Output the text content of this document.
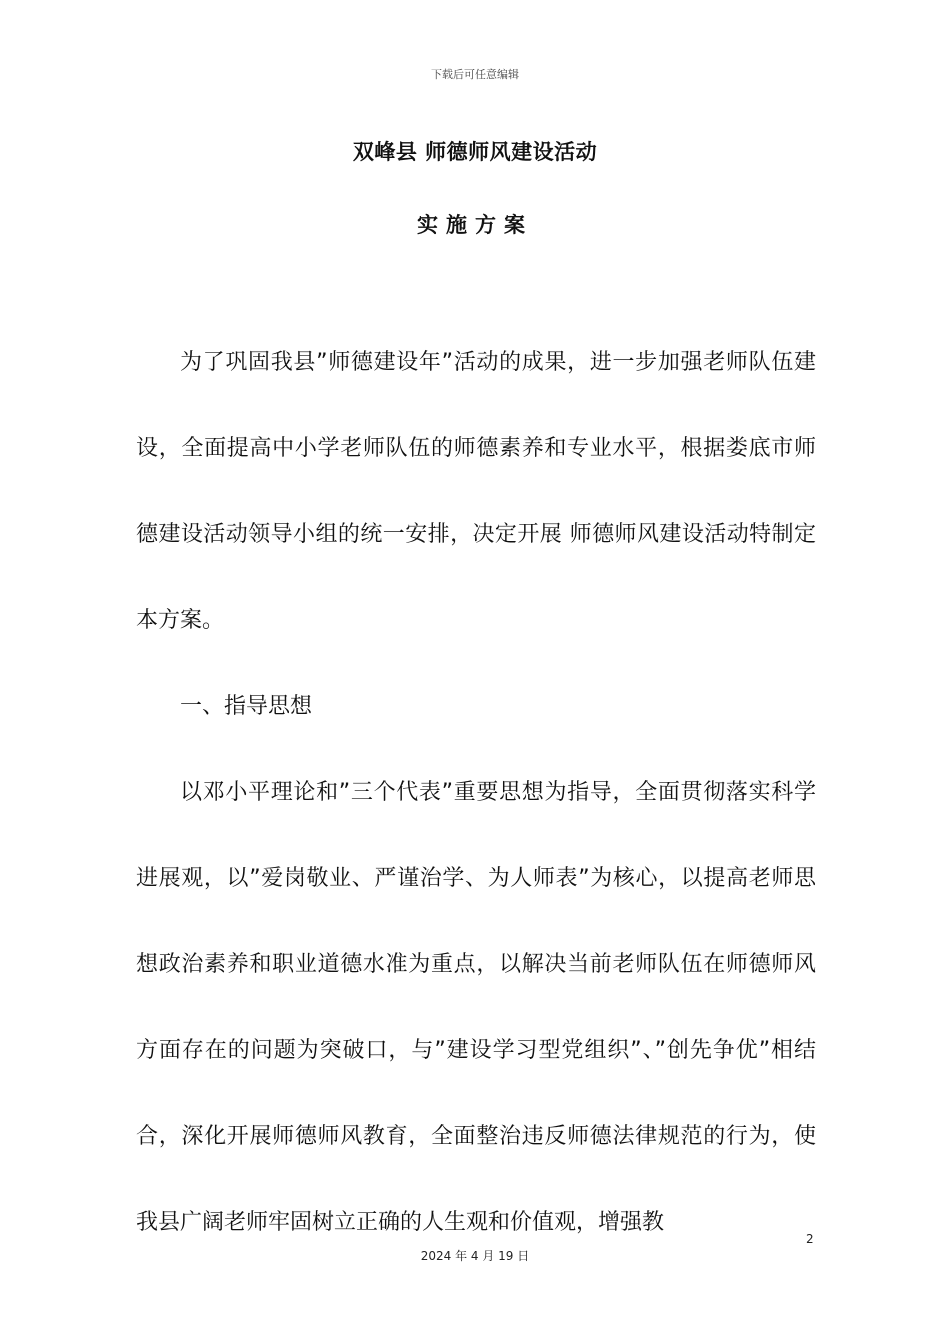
下载后可任意编辑
双峰县 师德师风建设活动
实施方案

为了巩固我县”师德建设年”活动的成果，进一步加强老师队伍建设，全面提高中小学老师队伍的师德素养和专业水平，根据娄底市师德建设活动领导小组的统一安排，决定开展 师德师风建设活动特制定本方案。

一、指导思想

以邓小平理论和”三个代表”重要思想为指导，全面贯彻落实科学进展观，以”爱岗敬业、严谨治学、为人师表”为核心，以提高老师思想政治素养和职业道德水准为重点，以解决当前老师队伍在师德师风方面存在的问题为突破口，与”建设学习型党组织”、”创先争优”相结合，深化开展师德师风教育，全面整治违反师德法律规范的行为，使我县广阔老师牢固树立正确的人生观和价值观，增强教

2
2024 年 4 月 19 日
